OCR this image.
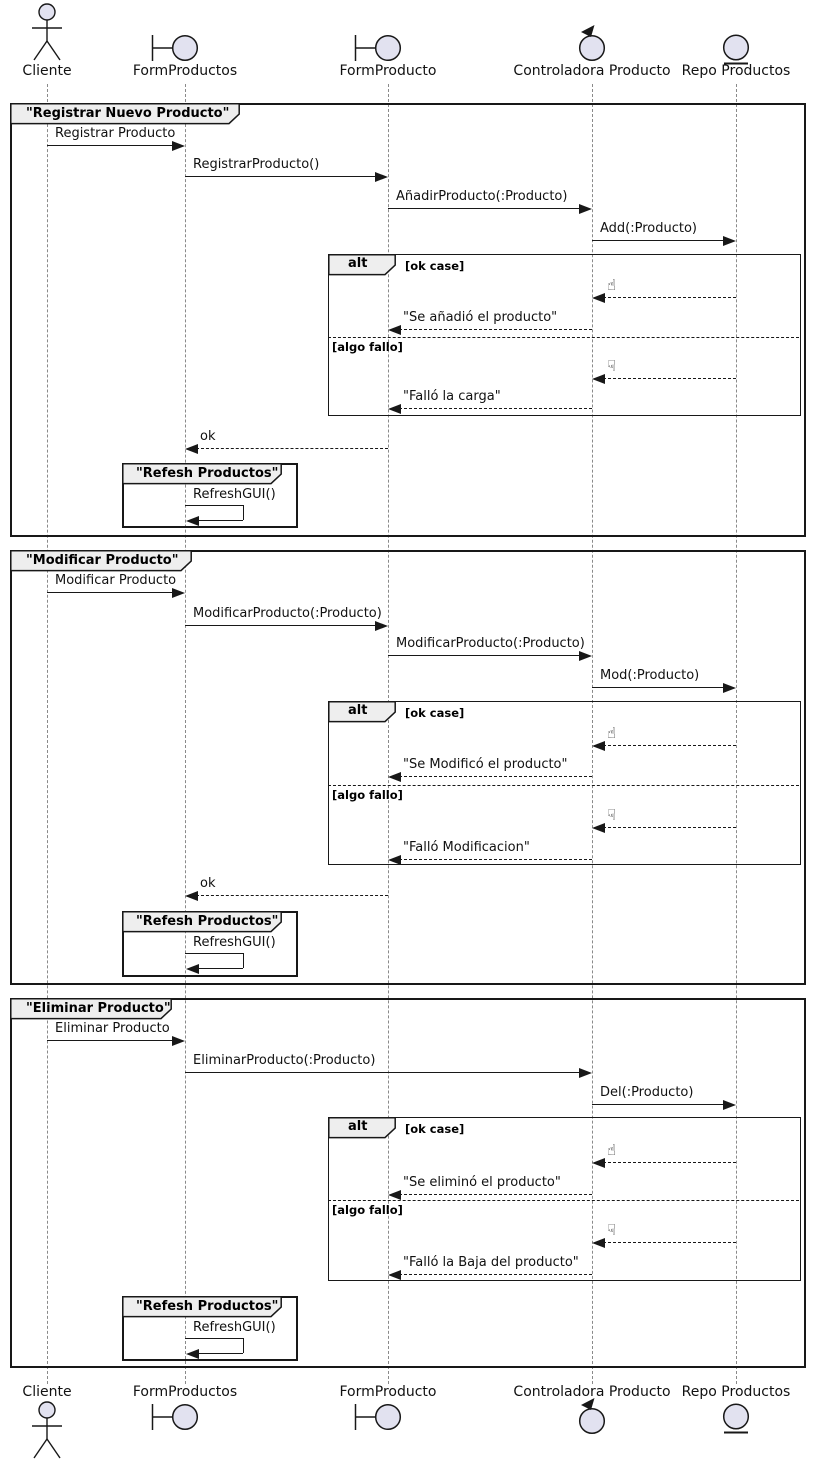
Cliente
Cliente
FormProductos
FormProductos
FormProducto
FormProducto
Controladora Producto
Controladora Producto
Repo Productos
Repo Productos
"Registrar Nuevo Producto"
alt	[ok case]
[algo fallo]
Registrar Producto
RegistrarProducto()
AñadirProducto(:Producto)
Add(:Producto)
☝
"Se añadió el producto"
☟
"Falló la carga"
ok
"Refesh Productos"
RefreshGUI()
"Modificar Producto"
alt	[ok case]
[algo fallo]
Modificar Producto
ModificarProducto(:Producto)
ModificarProducto(:Producto)
Mod(:Producto)
☝
"Se Modificó el producto"
☟
"Falló Modificacion"
ok
"Refesh Productos"
RefreshGUI()
"Eliminar Producto"
alt	[ok case]
[algo fallo]
Eliminar Producto
EliminarProducto(:Producto)
Del(:Producto)
☝
"Se eliminó el producto"
☟
"Falló la Baja del producto"
"Refesh Productos"
RefreshGUI()
